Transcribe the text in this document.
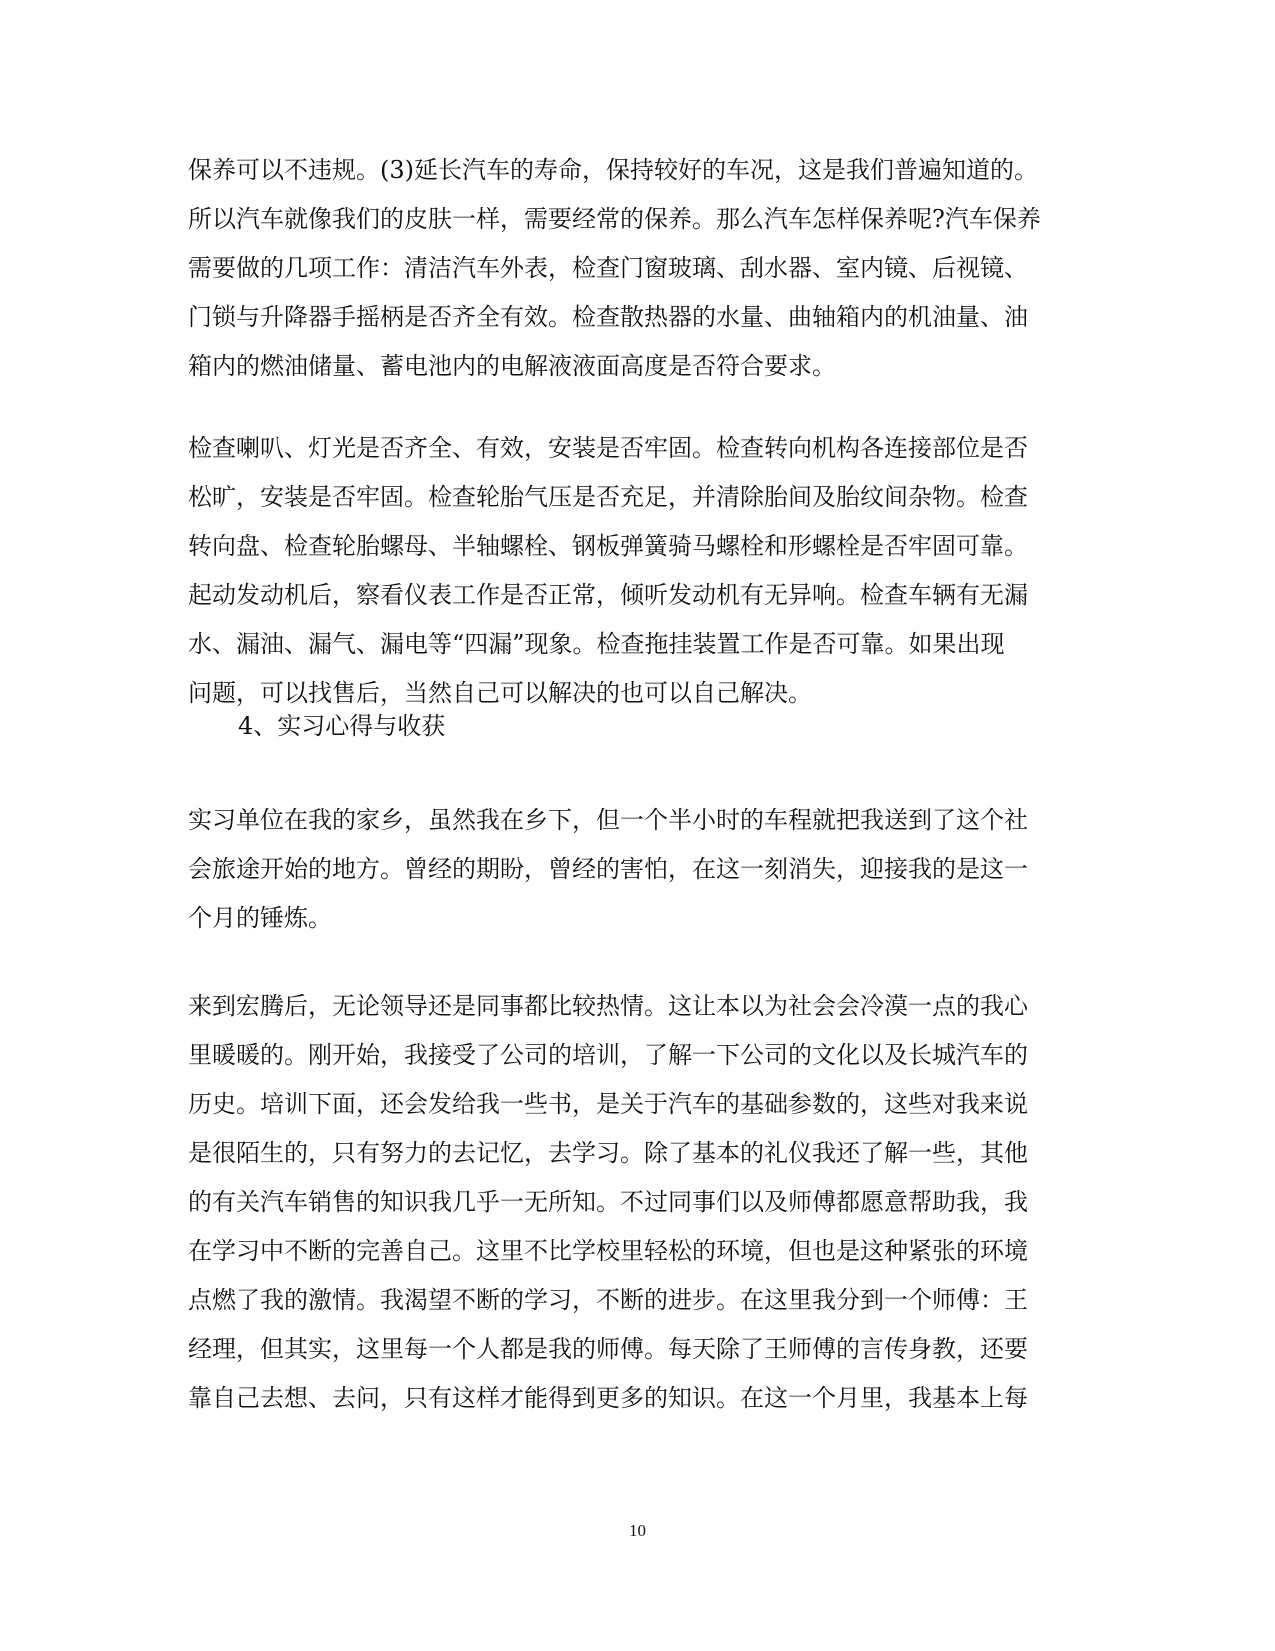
保养可以不违规。(3)延长汽车的寿命，保持较好的车况，这是我们普遍知道的。
所以汽车就像我们的皮肤一样，需要经常的保养。那么汽车怎样保养呢?汽车保养
需要做的几项工作：清洁汽车外表，检查门窗玻璃、刮水器、室内镜、后视镜、
门锁与升降器手摇柄是否齐全有效。检查散热器的水量、曲轴箱内的机油量、油
箱内的燃油储量、蓄电池内的电解液液面高度是否符合要求。
检查喇叭、灯光是否齐全、有效，安装是否牢固。检查转向机构各连接部位是否
松旷，安装是否牢固。检查轮胎气压是否充足，并清除胎间及胎纹间杂物。检查
转向盘、检查轮胎螺母、半轴螺栓、钢板弹簧骑马螺栓和形螺栓是否牢固可靠。
起动发动机后，察看仪表工作是否正常，倾听发动机有无异响。检查车辆有无漏
水、漏油、漏气、漏电等“四漏”现象。检查拖挂装置工作是否可靠。如果出现
问题，可以找售后，当然自己可以解决的也可以自己解决。
4、实习心得与收获
实习单位在我的家乡，虽然我在乡下，但一个半小时的车程就把我送到了这个社
会旅途开始的地方。曾经的期盼，曾经的害怕，在这一刻消失，迎接我的是这一
个月的锤炼。
来到宏腾后，无论领导还是同事都比较热情。这让本以为社会会冷漠一点的我心
里暖暖的。刚开始，我接受了公司的培训，了解一下公司的文化以及长城汽车的
历史。培训下面，还会发给我一些书，是关于汽车的基础参数的，这些对我来说
是很陌生的，只有努力的去记忆，去学习。除了基本的礼仪我还了解一些，其他
的有关汽车销售的知识我几乎一无所知。不过同事们以及师傅都愿意帮助我，我
在学习中不断的完善自己。这里不比学校里轻松的环境，但也是这种紧张的环境
点燃了我的激情。我渴望不断的学习，不断的进步。在这里我分到一个师傅：王
经理，但其实，这里每一个人都是我的师傅。每天除了王师傅的言传身教，还要
靠自己去想、去问，只有这样才能得到更多的知识。在这一个月里，我基本上每
10
